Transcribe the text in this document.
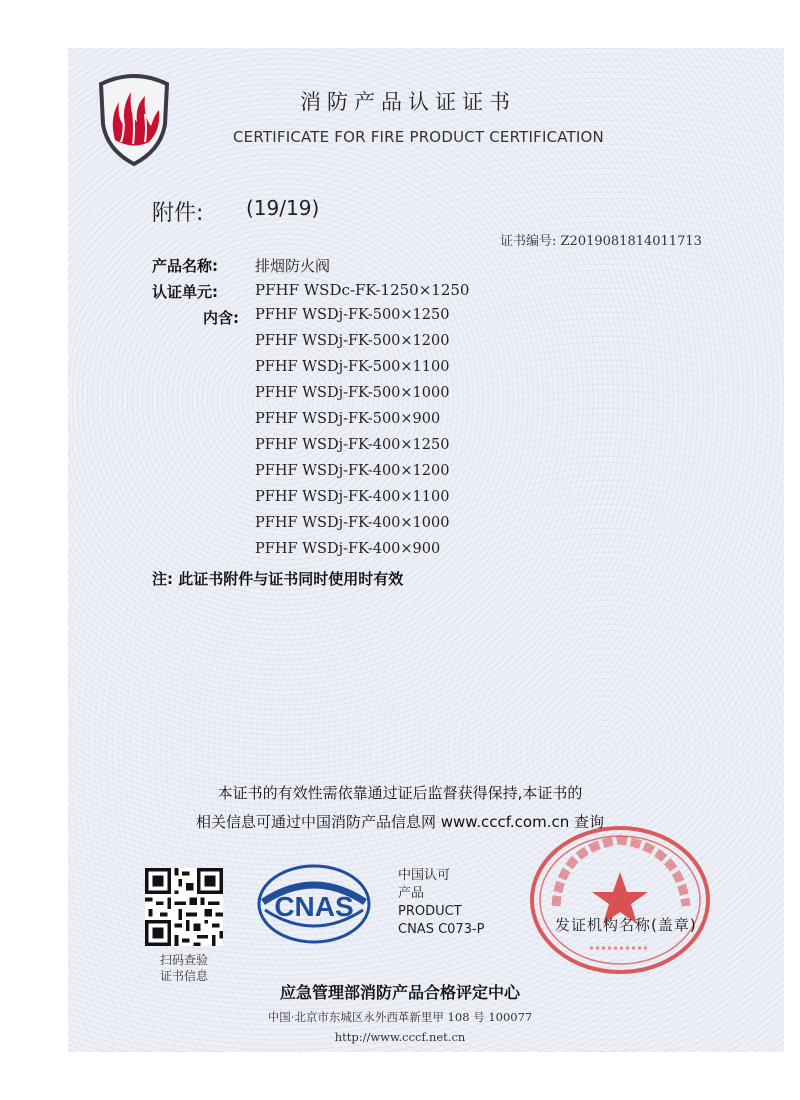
消防产品认证证书
CERTIFICATE FOR FIRE PRODUCT CERTIFICATION
附件: (19/19)
证书编号: Z2019081814011713
产品名称: 排烟防火阀
认证单元: PFHF WSDc-FK-1250×1250
内含: PFHF WSDj-FK-500×1250
PFHF WSDj-FK-500×1200
PFHF WSDj-FK-500×1100
PFHF WSDj-FK-500×1000
PFHF WSDj-FK-500×900
PFHF WSDj-FK-400×1250
PFHF WSDj-FK-400×1200
PFHF WSDj-FK-400×1100
PFHF WSDj-FK-400×1000
PFHF WSDj-FK-400×900
注: 此证书附件与证书同时使用时有效
本证书的有效性需依靠通过证后监督获得保持,本证书的
相关信息可通过中国消防产品信息网 www.cccf.com.cn 查询
扫码查验
证书信息
CNAS
中国认可
产品
PRODUCT
CNAS C073-P	发证机构名称(盖章)
应急管理部消防产品合格评定中心
中国·北京市东城区永外西革新里甲 108 号 100077
http://www.cccf.net.cn
